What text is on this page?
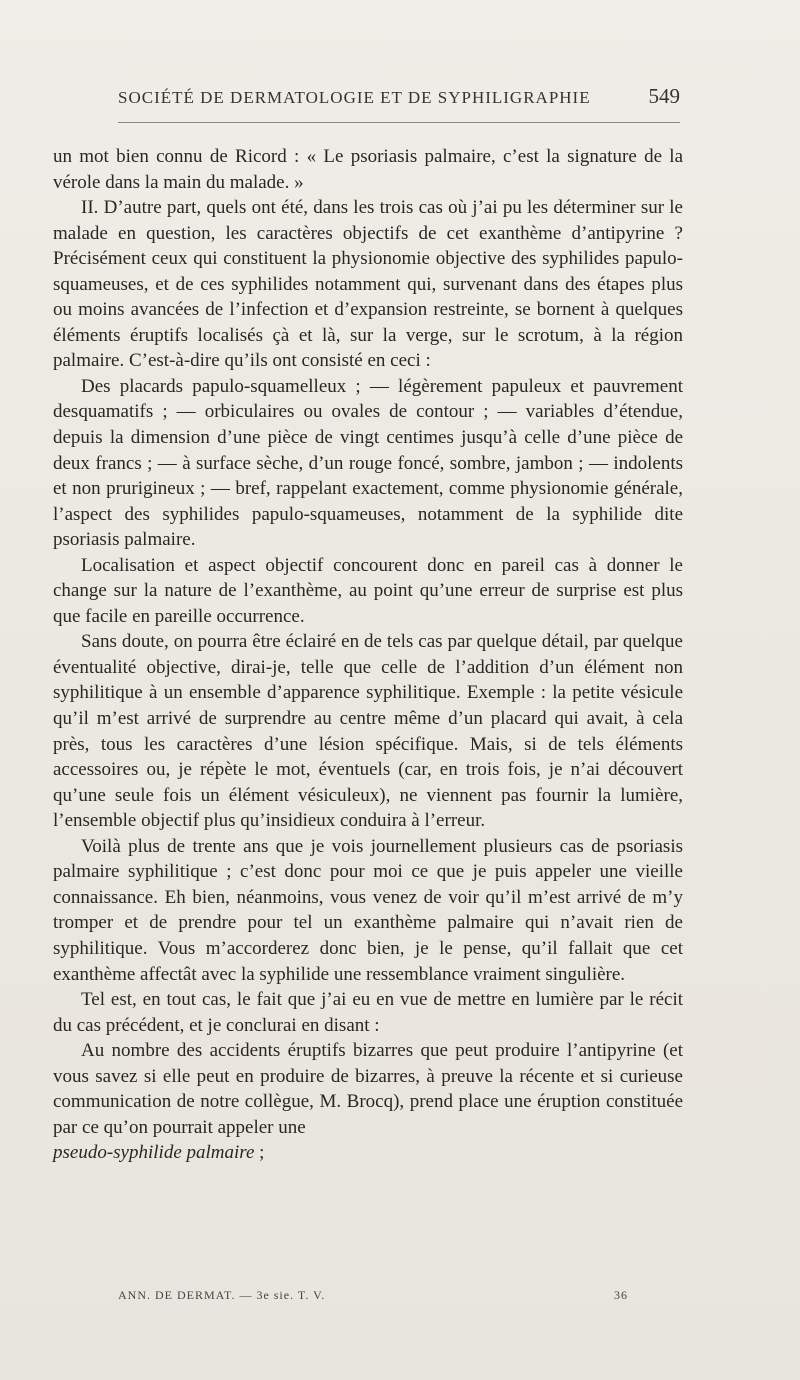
SOCIÉTÉ DE DERMATOLOGIE ET DE SYPHILIGRAPHIE	549

un mot bien connu de Ricord : « Le psoriasis palmaire, c’est la signature de la vérole dans la main du malade. »

II. D’autre part, quels ont été, dans les trois cas où j’ai pu les déterminer sur le malade en question, les caractères objectifs de cet exanthème d’antipyrine ? Précisément ceux qui constituent la physionomie objective des syphilides papulo-squameuses, et de ces syphilides notamment qui, survenant dans des étapes plus ou moins avancées de l’infection et d’expansion restreinte, se bornent à quelques éléments éruptifs localisés çà et là, sur la verge, sur le scrotum, à la région palmaire. C’est-à-dire qu’ils ont consisté en ceci :

Des placards papulo-squamelleux ; — légèrement papuleux et pauvrement desquamatifs ; — orbiculaires ou ovales de contour ; — variables d’étendue, depuis la dimension d’une pièce de vingt centimes jusqu’à celle d’une pièce de deux francs ; — à surface sèche, d’un rouge foncé, sombre, jambon ; — indolents et non prurigineux ; — bref, rappelant exactement, comme physionomie générale, l’aspect des syphilides papulo-squameuses, notamment de la syphilide dite psoriasis palmaire.

Localisation et aspect objectif concourent donc en pareil cas à donner le change sur la nature de l’exanthème, au point qu’une erreur de surprise est plus que facile en pareille occurrence.

Sans doute, on pourra être éclairé en de tels cas par quelque détail, par quelque éventualité objective, dirai-je, telle que celle de l’addition d’un élément non syphilitique à un ensemble d’apparence syphilitique. Exemple : la petite vésicule qu’il m’est arrivé de surprendre au centre même d’un placard qui avait, à cela près, tous les caractères d’une lésion spécifique. Mais, si de tels éléments accessoires ou, je répète le mot, éventuels (car, en trois fois, je n’ai découvert qu’une seule fois un élément vésiculeux), ne viennent pas fournir la lumière, l’ensemble objectif plus qu’insidieux conduira à l’erreur.

Voilà plus de trente ans que je vois journellement plusieurs cas de psoriasis palmaire syphilitique ; c’est donc pour moi ce que je puis appeler une vieille connaissance. Eh bien, néanmoins, vous venez de voir qu’il m’est arrivé de m’y tromper et de prendre pour tel un exanthème palmaire qui n’avait rien de syphilitique. Vous m’accorderez donc bien, je le pense, qu’il fallait que cet exanthème affectât avec la syphilide une ressemblance vraiment singulière.

Tel est, en tout cas, le fait que j’ai eu en vue de mettre en lumière par le récit du cas précédent, et je conclurai en disant :

Au nombre des accidents éruptifs bizarres que peut produire l’antipyrine (et vous savez si elle peut en produire de bizarres, à preuve la récente et si curieuse communication de notre collègue, M. Brocq), prend place une éruption constituée par ce qu’on pourrait appeler une

pseudo-syphilide palmaire ;

ANN. DE DERMAT. — 3e sie. T. V.	36
